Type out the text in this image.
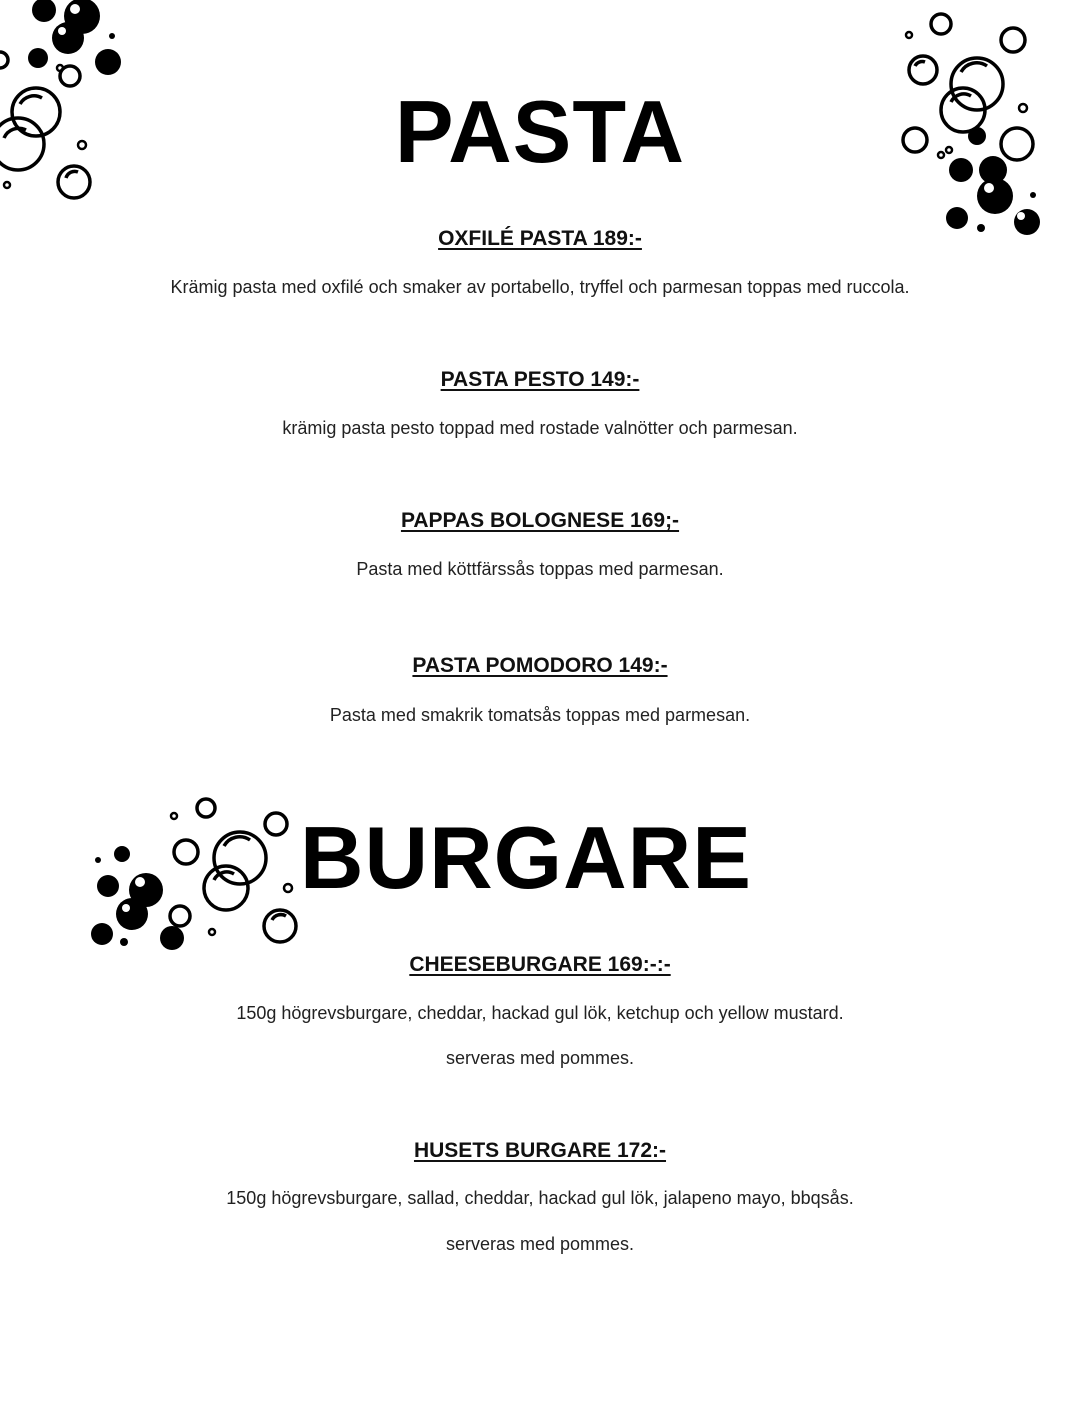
PASTA
OXFILÉ PASTA 189:-

Krämig pasta med oxfilé och smaker av portabello, tryffel och parmesan toppas med ruccola.

PASTA PESTO 149:-

krämig pasta pesto toppad med rostade valnötter och parmesan.

PAPPAS BOLOGNESE 169;-

Pasta med köttfärssås toppas med parmesan.

PASTA POMODORO 149:-

Pasta med smakrik tomatsås toppas med parmesan.

BURGARE
CHEESEBURGARE 169:-:-

150g högrevsburgare, cheddar, hackad gul lök, ketchup och yellow mustard.

serveras med pommes.

HUSETS BURGARE 172:-

150g högrevsburgare, sallad, cheddar, hackad gul lök, jalapeno mayo, bbqsås.

serveras med pommes.
